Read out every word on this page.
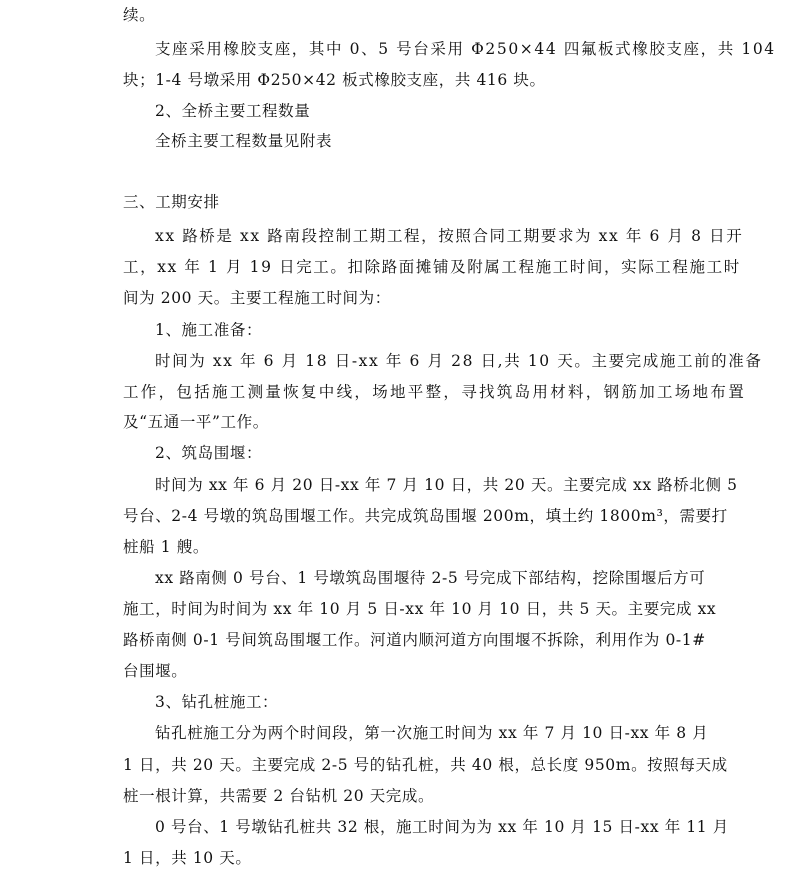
续。
支座采用橡胶支座，其中 0、5 号台采用 Φ250×44 四氟板式橡胶支座，共 104
块；1-4 号墩采用 Φ250×42 板式橡胶支座，共 416 块。
2、全桥主要工程数量
全桥主要工程数量见附表
三、工期安排
xx 路桥是 xx 路南段控制工期工程，按照合同工期要求为 xx 年 6 月 8 日开
工，xx 年 1 月 19 日完工。扣除路面摊铺及附属工程施工时间，实际工程施工时
间为 200 天。主要工程施工时间为：
1、施工准备：
时间为 xx 年 6 月 18 日-xx 年 6 月 28 日,共 10 天。主要完成施工前的准备
工作，包括施工测量恢复中线，场地平整，寻找筑岛用材料，钢筋加工场地布置
及“五通一平”工作。
2、筑岛围堰：
时间为 xx 年 6 月 20 日-xx 年 7 月 10 日，共 20 天。主要完成 xx 路桥北侧 5
号台、2-4 号墩的筑岛围堰工作。共完成筑岛围堰 200m，填土约 1800m³，需要打
桩船 1 艘。
xx 路南侧 0 号台、1 号墩筑岛围堰待 2-5 号完成下部结构，挖除围堰后方可
施工，时间为时间为 xx 年 10 月 5 日-xx 年 10 月 10 日，共 5 天。主要完成 xx
路桥南侧 0-1 号间筑岛围堰工作。河道内顺河道方向围堰不拆除，利用作为 0-1#
台围堰。
3、钻孔桩施工：
钻孔桩施工分为两个时间段，第一次施工时间为 xx 年 7 月 10 日-xx 年 8 月
1 日，共 20 天。主要完成 2-5 号的钻孔桩，共 40 根，总长度 950m。按照每天成
桩一根计算，共需要 2 台钻机 20 天完成。
0 号台、1 号墩钻孔桩共 32 根，施工时间为为 xx 年 10 月 15 日-xx 年 11 月
1 日，共 10 天。
